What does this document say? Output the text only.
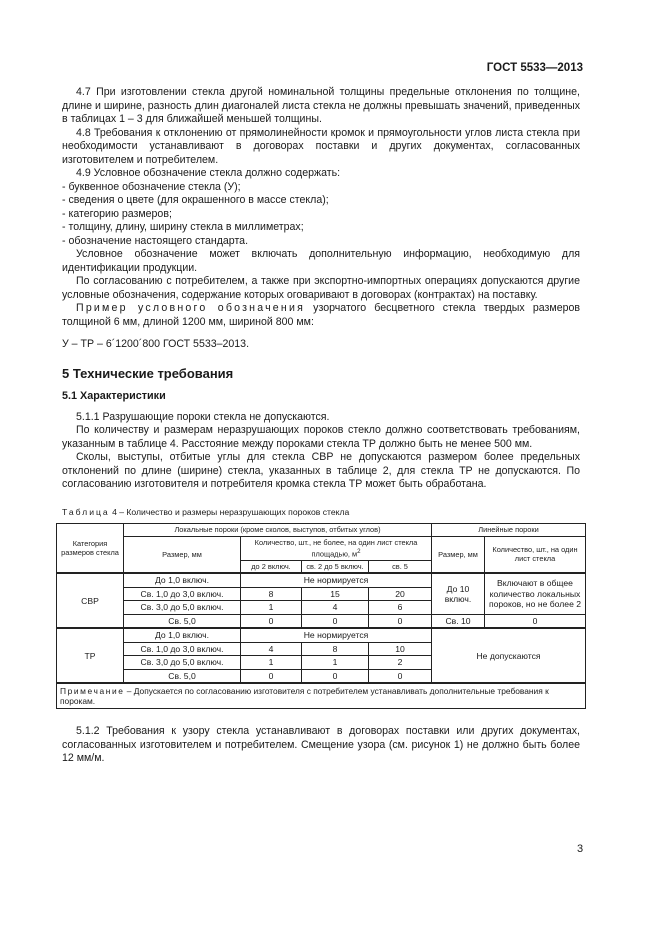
ГОСТ 5533—2013

4.7 При изготовлении стекла другой номинальной толщины предельные отклонения по толщине, длине и ширине, разность длин диагоналей листа стекла не должны превышать значений, приведенных в таблицах 1 – 3 для ближайшей меньшей толщины.

4.8 Требования к отклонению от прямолинейности кромок и прямоугольности углов листа стекла при необходимости устанавливают в договорах поставки и других документах, согласованных изготовителем и потребителем.

4.9 Условное обозначение стекла должно содержать:

- буквенное обозначение стекла (У);

- сведения о цвете (для окрашенного в массе стекла);

- категорию размеров;

- толщину, длину, ширину стекла в миллиметрах;

- обозначение настоящего стандарта.

Условное обозначение может включать дополнительную информацию, необходимую для идентификации продукции.

По согласованию с потребителем, а также при экспортно-импортных операциях допускаются другие условные обозначения, содержание которых оговаривают в договорах (контрактах) на поставку.

Пример условного обозначения узорчатого бесцветного стекла твердых размеров толщиной 6 мм, длиной 1200 мм, шириной 800 мм:

У – ТР – 6´1200´800 ГОСТ 5533–2013.

5 Технические требования
5.1 Характеристики

5.1.1 Разрушающие пороки стекла не допускаются.

По количеству и размерам неразрушающих пороков стекло должно соответствовать требованиям, указанным в таблице 4. Расстояние между пороками стекла ТР должно быть не менее 500 мм.

Сколы, выступы, отбитые углы для стекла СВР не допускаются размером более предельных отклонений по длине (ширине) стекла, указанных в таблице 2, для стекла ТР не допускаются. По согласованию изготовителя и потребителя кромка стекла ТР может быть обработана.

Таблица 4 – Количество и размеры неразрушающих пороков стекла
Категория размеров стекла	Локальные пороки (кроме сколов, выступов, отбитых углов)				Линейные пороки	
	Размер, мм	Количество, шт., не более, на один лист стекла площадью, $м^2$			Размер, мм	Количество, шт., на один лист стекла
		до 2 включ.	св. 2 до 5 включ.	св. 5		
СВР	До 1,0 включ.	Не нормируется			До 10 включ.	Включают в общее количество локальных пороков, но не более 2
	Св. 1,0 до 3,0 включ.	8	15	20		
	Св. 3,0 до 5,0 включ.	1	4	6		
	Св. 5,0	0	0	0	Св. 10	0
ТР	До 1,0 включ.	Не нормируется			Не допускаются	
	Св. 1,0 до 3,0 включ.	4	8	10		
	Св. 3,0 до 5,0 включ.	1	1	2		
	Св. 5,0	0	0	0		
Примечание – Допускается по согласованию изготовителя с потребителем устанавливать дополнительные требования к порокам.						

5.1.2 Требования к узору стекла устанавливают в договорах поставки или других документах, согласованных изготовителем и потребителем. Смещение узора (см. рисунок 1) не должно быть более 12 мм/м.

3
